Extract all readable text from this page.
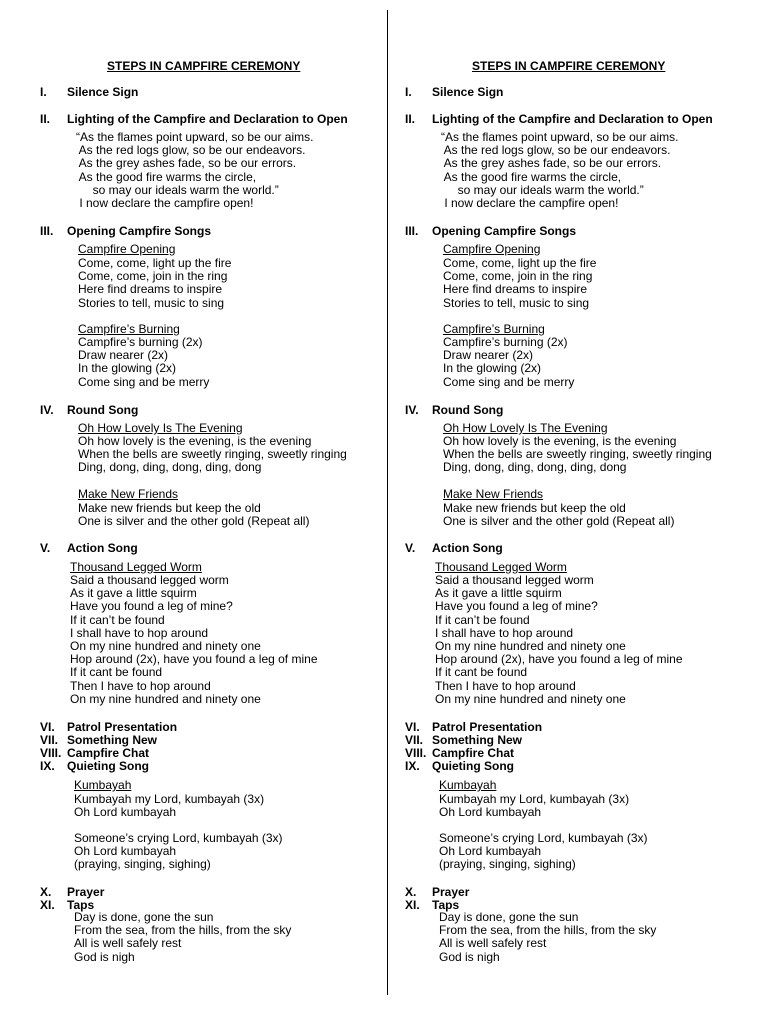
STEPS IN CAMPFIRE CEREMONY
I. Silence Sign
II. Lighting of the Campfire and Declaration to Open
“As the flames point upward, so be our aims.
As the red logs glow, so be our endeavors.
As the grey ashes fade, so be our errors.
As the good fire warms the circle,
so may our ideals warm the world.”
I now declare the campfire open!
III. Opening Campfire Songs
Campfire Opening
Come, come, light up the fire
Come, come, join in the ring
Here find dreams to inspire
Stories to tell, music to sing
Campfire’s Burning
Campfire’s burning (2x)
Draw nearer (2x)
In the glowing (2x)
Come sing and be merry
IV. Round Song
Oh How Lovely Is The Evening
Oh how lovely is the evening, is the evening
When the bells are sweetly ringing, sweetly ringing
Ding, dong, ding, dong, ding, dong
Make New Friends
Make new friends but keep the old
One is silver and the other gold (Repeat all)
V. Action Song
Thousand Legged Worm
Said a thousand legged worm
As it gave a little squirm
Have you found a leg of mine?
If it can’t be found
I shall have to hop around
On my nine hundred and ninety one
Hop around (2x), have you found a leg of mine
If it cant be found
Then I have to hop around
On my nine hundred and ninety one
VI. Patrol Presentation
VII. Something New
VIII. Campfire Chat
IX. Quieting Song
Kumbayah
Kumbayah my Lord, kumbayah (3x)
Oh Lord kumbayah
Someone’s crying Lord, kumbayah (3x)
Oh Lord kumbayah
(praying, singing, sighing)
X. Prayer
XI. Taps
Day is done, gone the sun
From the sea, from the hills, from the sky
All is well safely rest
God is nigh
STEPS IN CAMPFIRE CEREMONY
I. Silence Sign
II. Lighting of the Campfire and Declaration to Open
“As the flames point upward, so be our aims.
As the red logs glow, so be our endeavors.
As the grey ashes fade, so be our errors.
As the good fire warms the circle,
so may our ideals warm the world.”
I now declare the campfire open!
III. Opening Campfire Songs
Campfire Opening
Come, come, light up the fire
Come, come, join in the ring
Here find dreams to inspire
Stories to tell, music to sing
Campfire’s Burning
Campfire’s burning (2x)
Draw nearer (2x)
In the glowing (2x)
Come sing and be merry
IV. Round Song
Oh How Lovely Is The Evening
Oh how lovely is the evening, is the evening
When the bells are sweetly ringing, sweetly ringing
Ding, dong, ding, dong, ding, dong
Make New Friends
Make new friends but keep the old
One is silver and the other gold (Repeat all)
V. Action Song
Thousand Legged Worm
Said a thousand legged worm
As it gave a little squirm
Have you found a leg of mine?
If it can’t be found
I shall have to hop around
On my nine hundred and ninety one
Hop around (2x), have you found a leg of mine
If it cant be found
Then I have to hop around
On my nine hundred and ninety one
VI. Patrol Presentation
VII. Something New
VIII. Campfire Chat
IX. Quieting Song
Kumbayah
Kumbayah my Lord, kumbayah (3x)
Oh Lord kumbayah
Someone’s crying Lord, kumbayah (3x)
Oh Lord kumbayah
(praying, singing, sighing)
X. Prayer
XI. Taps
Day is done, gone the sun
From the sea, from the hills, from the sky
All is well safely rest
God is nigh
